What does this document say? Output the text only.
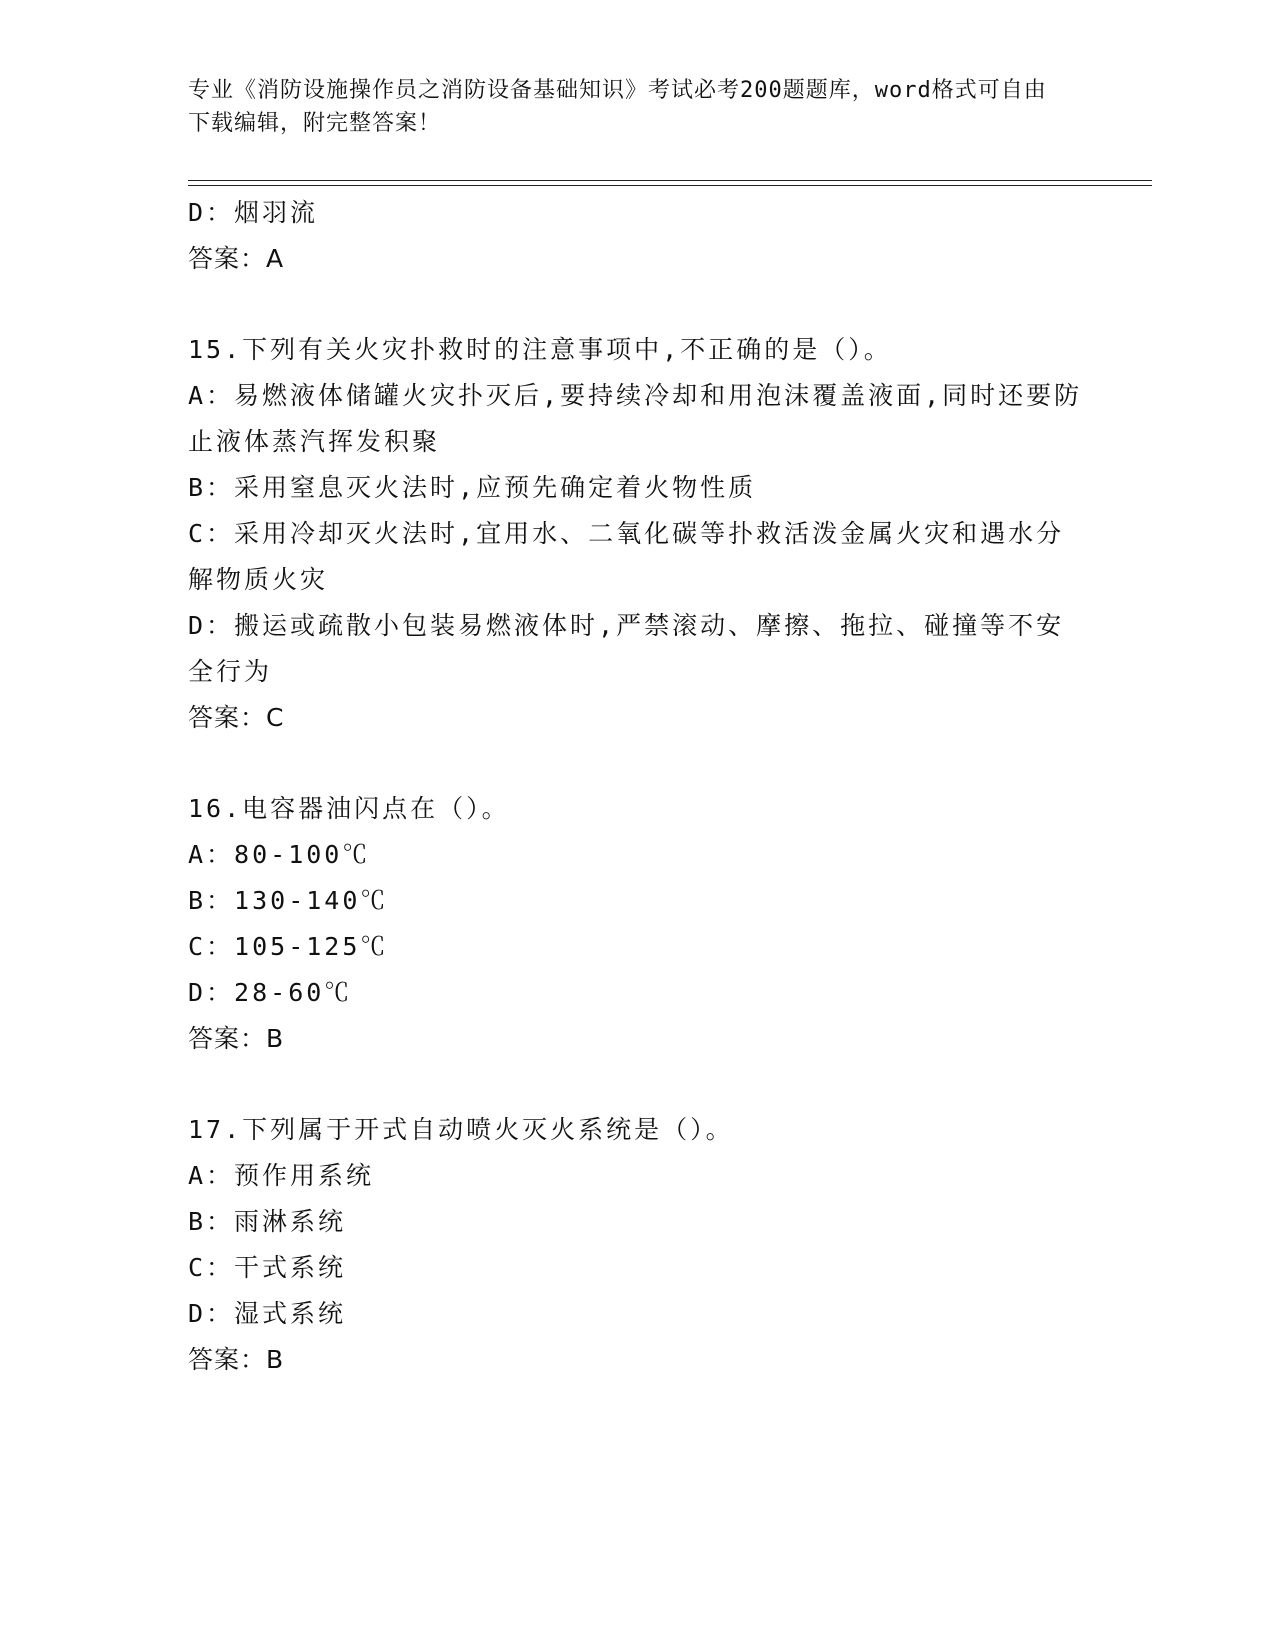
专业《消防设施操作员之消防设备基础知识》考试必考200题题库，word格式可自由下载编辑，附完整答案！
D：烟羽流
答案：A
15.下列有关火灾扑救时的注意事项中,不正确的是（）。
A：易燃液体储罐火灾扑灭后,要持续冷却和用泡沫覆盖液面,同时还要防止液体蒸汽挥发积聚
B：采用窒息灭火法时,应预先确定着火物性质
C：采用冷却灭火法时,宜用水、二氧化碳等扑救活泼金属火灾和遇水分解物质火灾
D：搬运或疏散小包装易燃液体时,严禁滚动、摩擦、拖拉、碰撞等不安全行为
答案：C
16.电容器油闪点在（）。
A：80-100℃
B：130-140℃
C：105-125℃
D：28-60℃
答案：B
17.下列属于开式自动喷火灭火系统是（）。
A：预作用系统
B：雨淋系统
C：干式系统
D：湿式系统
答案：B
